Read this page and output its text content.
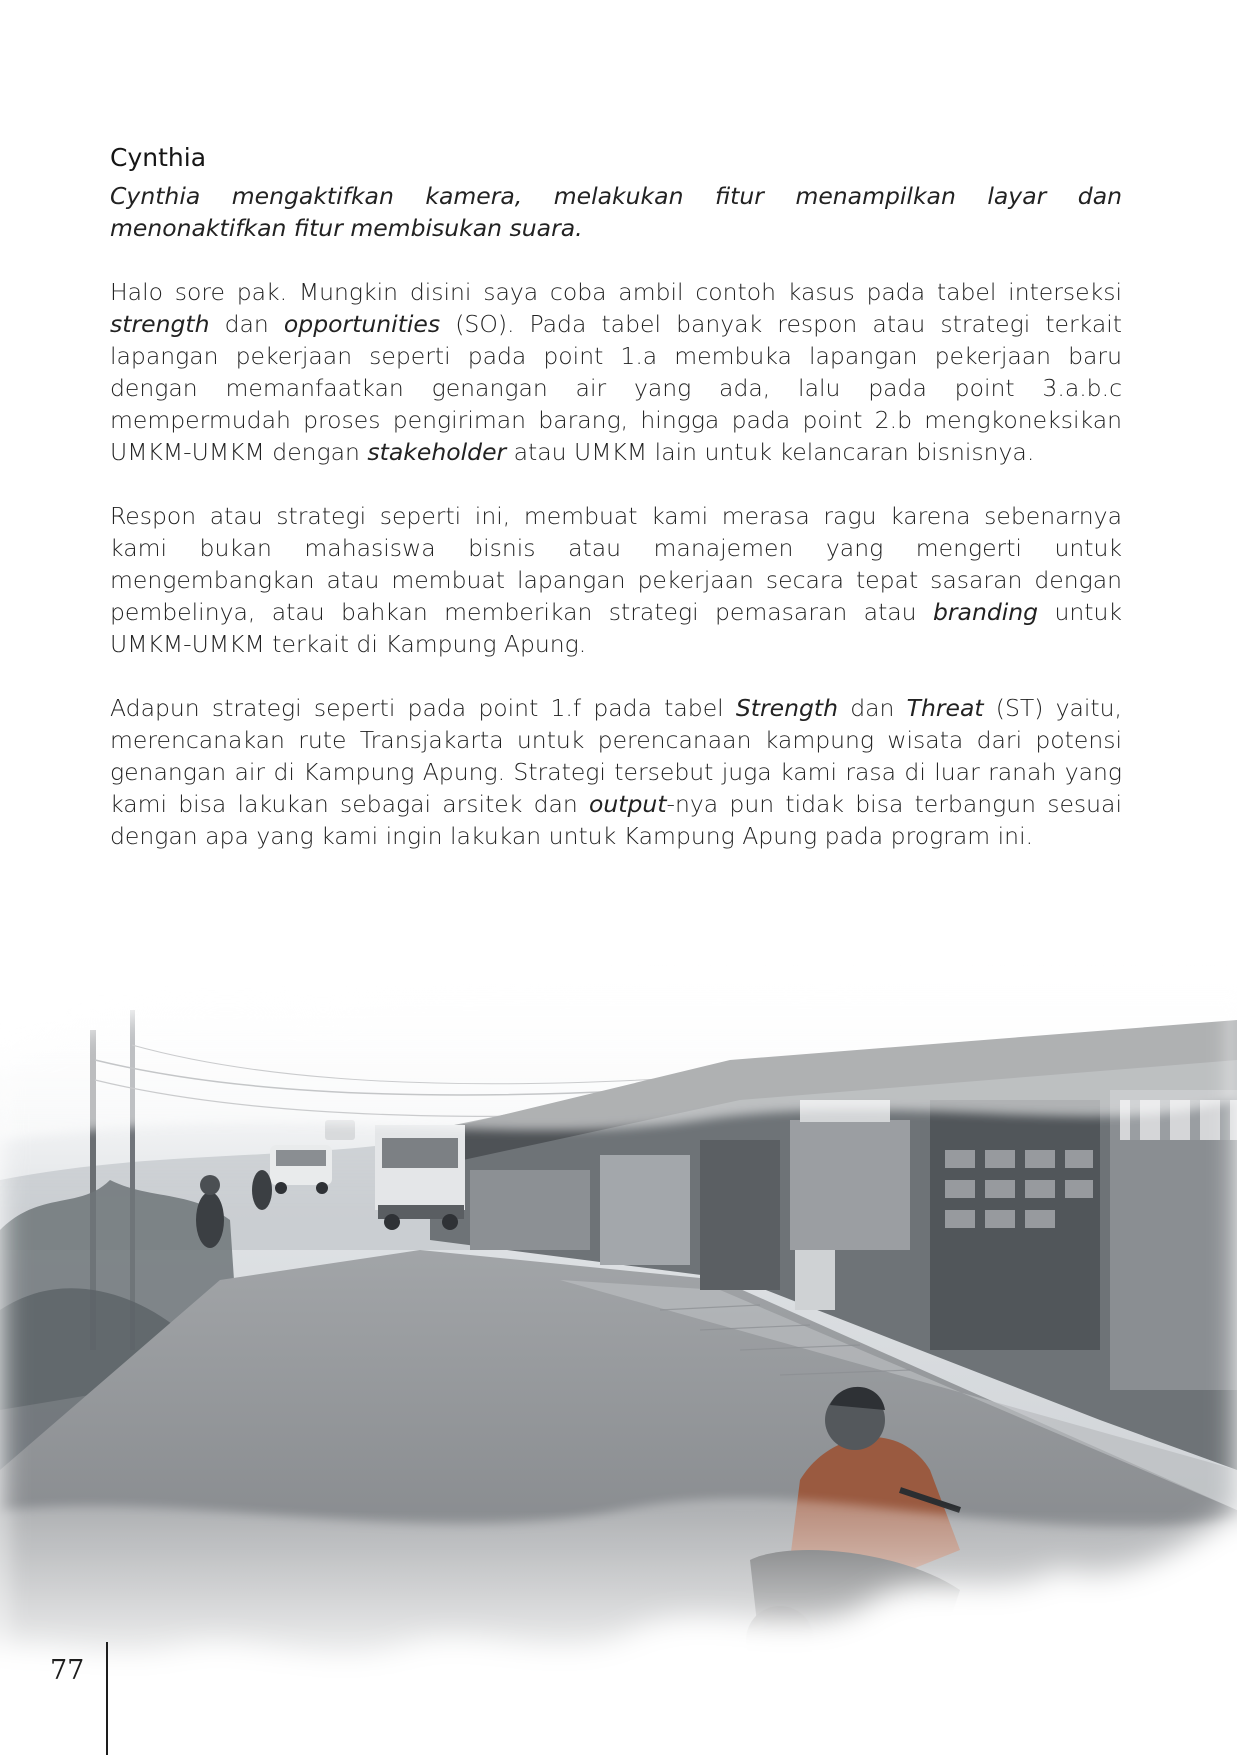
Cynthia

Cynthia mengaktifkan kamera, melakukan fitur menampilkan layar dan menonaktifkan fitur membisukan suara.

Halo sore pak. Mungkin disini saya coba ambil contoh kasus pada tabel interseksi strength dan opportunities (SO). Pada tabel banyak respon atau strategi terkait lapangan pekerjaan seperti pada point 1.a membuka lapangan pekerjaan baru dengan memanfaatkan genangan air yang ada, lalu pada point 3.a.b.c mempermudah proses pengiriman barang, hingga pada point 2.b mengkoneksikan UMKM-UMKM dengan stakeholder atau UMKM lain untuk kelancaran bisnisnya.

Respon atau strategi seperti ini, membuat kami merasa ragu karena sebenarnya kami bukan mahasiswa bisnis atau manajemen yang mengerti untuk mengembangkan atau membuat lapangan pekerjaan secara tepat sasaran dengan pembelinya, atau bahkan memberikan strategi pemasaran atau branding untuk UMKM-UMKM terkait di Kampung Apung.

Adapun strategi seperti pada point 1.f pada tabel Strength dan Threat (ST) yaitu, merencanakan rute Transjakarta untuk perencanaan kampung wisata dari potensi genangan air di Kampung Apung. Strategi tersebut juga kami rasa di luar ranah yang kami bisa lakukan sebagai arsitek dan output-nya pun tidak bisa terbangun sesuai dengan apa yang kami ingin lakukan untuk Kampung Apung pada program ini.

77
